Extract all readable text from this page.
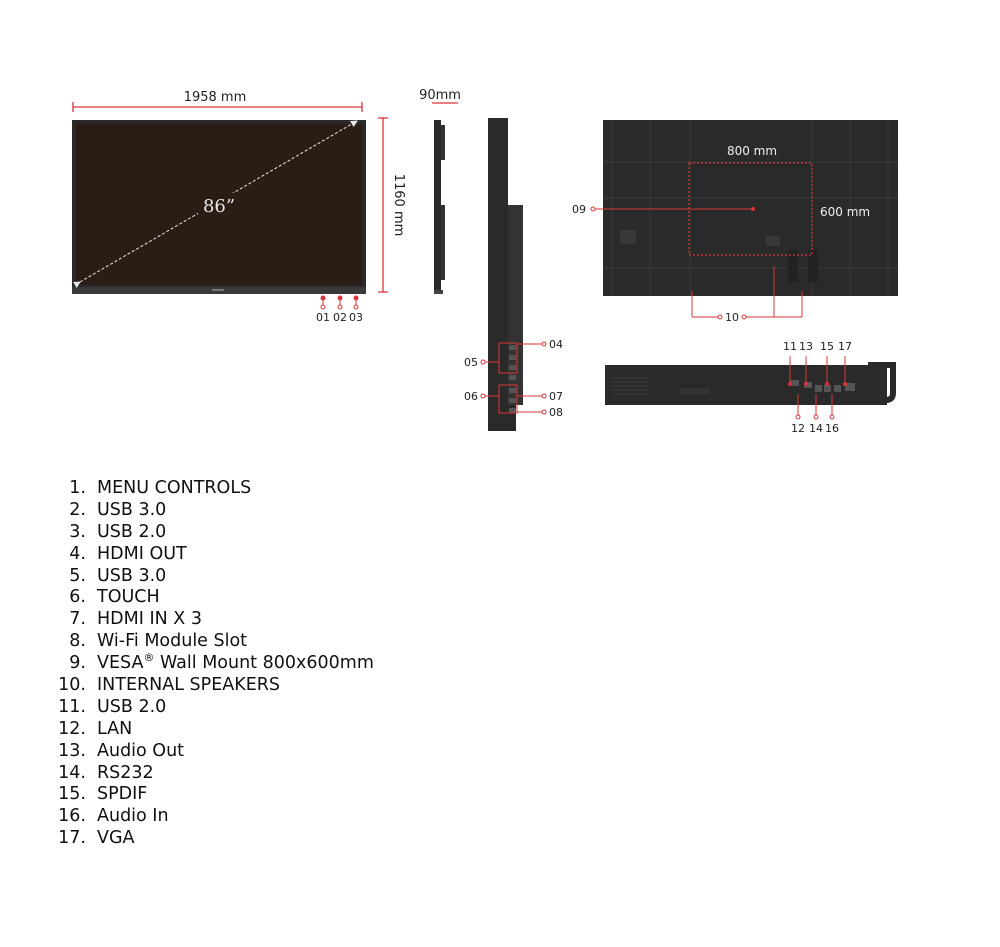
1958 mm
1160 mm
86”
01 02 03
90mm
04
05
06	07
08
800 mm
600 mm
09
10
11 13 15 17
12 14 16
1. MENU CONTROLS
2. USB 3.0
3. USB 2.0
4. HDMI OUT
5. USB 3.0
6. TOUCH
7. HDMI IN X 3
8. Wi-Fi Module Slot
9. VESA® Wall Mount 800x600mm
10. INTERNAL SPEAKERS
11. USB 2.0
12. LAN
13. Audio Out
14. RS232
15. SPDIF
16. Audio In
17. VGA
